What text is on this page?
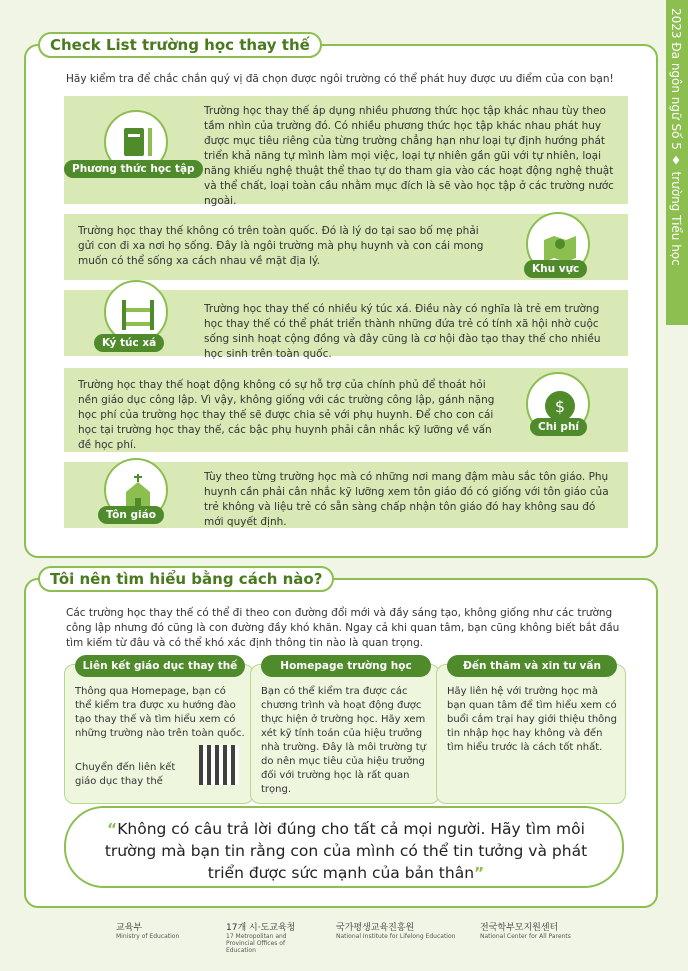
2023 Đa ngôn ngữ Số 5 ♦ trường Tiểu học
Check List trường học thay thế
Hãy kiểm tra để chắc chắn quý vị đã chọn được ngôi trường có thể phát huy được ưu điểm của con bạn!

Trường học thay thế áp dụng nhiều phương thức học tập khác nhau tùy theo tầm nhìn của trường đó. Có nhiều phương thức học tập khác nhau phát huy được mục tiêu riêng của từng trường chẳng hạn như loại tự định hướng phát triển khả năng tự mình làm mọi việc, loại tự nhiên gần gũi với tự nhiên, loại năng khiếu nghệ thuật thể thao tự do tham gia vào các hoạt động nghệ thuật và thể chất, loại toàn cầu nhằm mục đích là sẽ vào học tập ở các trường nước ngoài.

Phương thức học tập

Trường học thay thế không có trên toàn quốc. Đó là lý do tại sao bố mẹ phải gửi con đi xa nơi họ sống. Đây là ngôi trường mà phụ huynh và con cái mong muốn có thể sống xa cách nhau về mặt địa lý.

Khu vực

Trường học thay thế có nhiều ký túc xá. Điều này có nghĩa là trẻ em trường học thay thế có thể phát triển thành những đứa trẻ có tính xã hội nhờ cuộc sống sinh hoạt cộng đồng và đây cũng là cơ hội đào tạo thay thế cho nhiều học sinh trên toàn quốc.

Ký túc xá

Trường học thay thế hoạt động không có sự hỗ trợ của chính phủ để thoát hỏi nền giáo dục công lập. Vì vậy, không giống với các trường công lập, gánh nặng học phí của trường học thay thế sẽ được chia sẻ với phụ huynh. Để cho con cái học tại trường học thay thế, các bậc phụ huynh phải cân nhắc kỹ lưỡng về vấn đề học phí.

$
Chi phí

Tùy theo từng trường học mà có những nơi mang đậm màu sắc tôn giáo. Phụ huynh cần phải cân nhắc kỹ lưỡng xem tôn giáo đó có giống với tôn giáo của trẻ không và liệu trẻ có sẵn sàng chấp nhận tôn giáo đó hay không sau đó mới quyết định.

Tôn giáo
Tôi nên tìm hiểu bằng cách nào?
Các trường học thay thế có thể đi theo con đường đổi mới và đầy sáng tạo, không giống như các trường công lập nhưng đó cũng là con đường đầy khó khăn. Ngay cả khi quan tâm, bạn cũng không biết bắt đầu tìm kiếm từ đâu và có thể khó xác định thông tin nào là quan trọng.
Liên kết giáo dục thay thế
Thông qua Homepage, bạn có thể kiểm tra được xu hướng đào tạo thay thế và tìm hiểu xem có những trường nào trên toàn quốc.
Chuyển đến liên kết giáo dục thay thế
Homepage trường học
Bạn có thể kiểm tra được các chương trình và hoạt động được thực hiện ở trường học. Hãy xem xét kỹ tính toán của hiệu trưởng nhà trường. Đây là môi trường tự do nên mục tiêu của hiệu trưởng đối với trường học là rất quan trọng.
Đến thăm và xin tư vấn
Hãy liên hệ với trường học mà bạn quan tâm để tìm hiểu xem có buổi cắm trại hay giới thiệu thông tin nhập học hay không và đến tìm hiểu trước là cách tốt nhất.

“Không có câu trả lời đúng cho tất cả mọi người. Hãy tìm môi trường mà bạn tin rằng con của mình có thể tin tưởng và phát triển được sức mạnh của bản thân”

교육부
Ministry of Education
17개 시·도교육청
17 Metropolitan and Provincial Offices of Education
국가평생교육진흥원
National Institute for Lifelong Education
전국학부모지원센터
National Center for All Parents
